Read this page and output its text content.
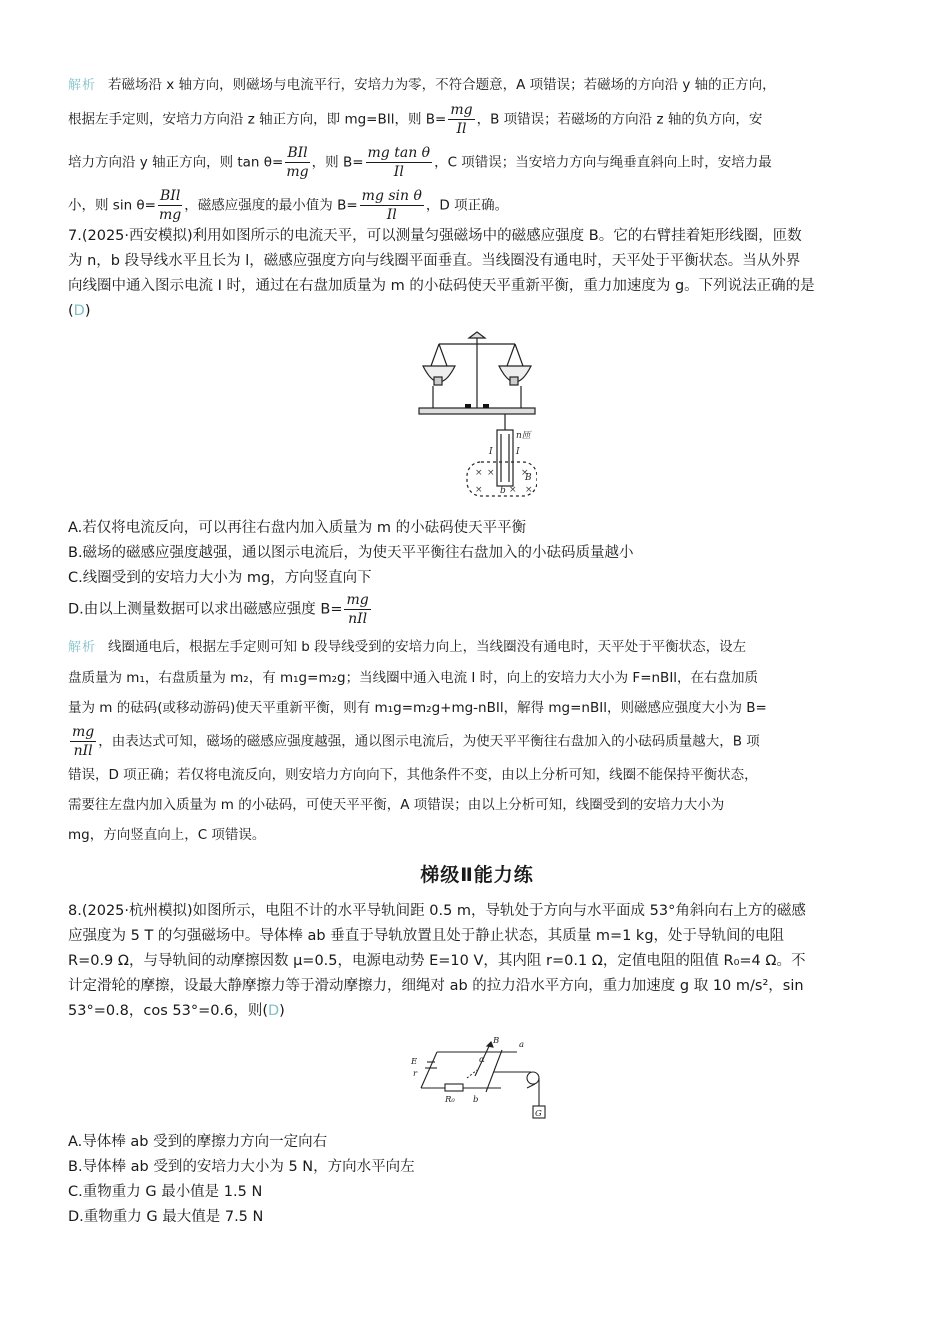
解析 若磁场沿 x 轴方向，则磁场与电流平行，安培力为零，不符合题意，A 项错误；若磁场的方向沿 y 轴的正方向，

根据左手定则，安培力方向沿 z 轴正方向，即 mg=BIl，则 $B= \frac{mg}{Il}$ ，B 项错误；若磁场的方向沿 z 轴的负方向，安

培力方向沿 y 轴正方向，则 $\tan \theta= \frac{\text{BIl}}{mg}$ ，则 $B= \frac{\text{mg tan θ}}{Il}$ ，C 项错误；当安培力方向与绳垂直斜向上时，安培力最

小，则 $\sin \theta= \frac{\text{BIl}}{mg}$ ，磁感应强度的最小值为 $B= \frac{\text{mg sin θ}}{Il}$ ，D 项正确。

7.(2025·西安模拟)利用如图所示的电流天平，可以测量匀强磁场中的磁感应强度 B。它的右臂挂着矩形线圈，匝数

为 n，b 段导线水平且长为 l，磁感应强度方向与线圈平面垂直。当线圈没有通电时，天平处于平衡状态。当从外界

向线圈中通入图示电流 I 时，通过在右盘加质量为 m 的小砝码使天平重新平衡，重力加速度为 g。下列说法正确的是

(D)

n匝
I	I
b
B
× ×	×
×	× ×

A.若仅将电流反向，可以再往右盘内加入质量为 m 的小砝码使天平平衡

B.磁场的磁感应强度越强，通以图示电流后，为使天平平衡往右盘加入的小砝码质量越小

C.线圈受到的安培力大小为 mg，方向竖直向下

D.由以上测量数据可以求出磁感应强度 $B= \frac{mg}{\text{nIl}}$

解析 线圈通电后，根据左手定则可知 b 段导线受到的安培力向上，当线圈没有通电时，天平处于平衡状态，设左

盘质量为 m₁，右盘质量为 m₂，有 m₁g=m₂g；当线圈中通入电流 I 时，向上的安培力大小为 F=nBIl，在右盘加质

量为 m 的砝码(或移动游码)使天平重新平衡，则有 m₁g=m₂g+mg-nBIl，解得 mg=nBIl，则磁感应强度大小为 B=

$\frac{mg}{\text{nIl}}$ ，由表达式可知，磁场的磁感应强度越强，通以图示电流后，为使天平平衡往右盘加入的小砝码质量越大，B 项

错误，D 项正确；若仅将电流反向，则安培力方向向下，其他条件不变，由以上分析可知，线圈不能保持平衡状态，

需要往左盘内加入质量为 m 的小砝码，可使天平平衡，A 项错误；由以上分析可知，线圈受到的安培力大小为

mg，方向竖直向上，C 项错误。

梯级Ⅱ能力练

8.(2025·杭州模拟)如图所示，电阻不计的水平导轨间距 0.5 m，导轨处于方向与水平面成 53°角斜向右上方的磁感

应强度为 5 T 的匀强磁场中。导体棒 ab 垂直于导轨放置且处于静止状态，其质量 m=1 kg，处于导轨间的电阻

R=0.9 Ω，与导轨间的动摩擦因数 μ=0.5，电源电动势 E=10 V，其内阻 r=0.1 Ω，定值电阻的阻值 R₀=4 Ω。不

计定滑轮的摩擦，设最大静摩擦力等于滑动摩擦力，细绳对 ab 的拉力沿水平方向，重力加速度 g 取 10 m/s²，sin

53°=0.8，cos 53°=0.6，则(D)

B a
α
E
r
R₀ b
G

A.导体棒 ab 受到的摩擦力方向一定向右

B.导体棒 ab 受到的安培力大小为 5 N，方向水平向左

C.重物重力 G 最小值是 1.5 N

D.重物重力 G 最大值是 7.5 N
